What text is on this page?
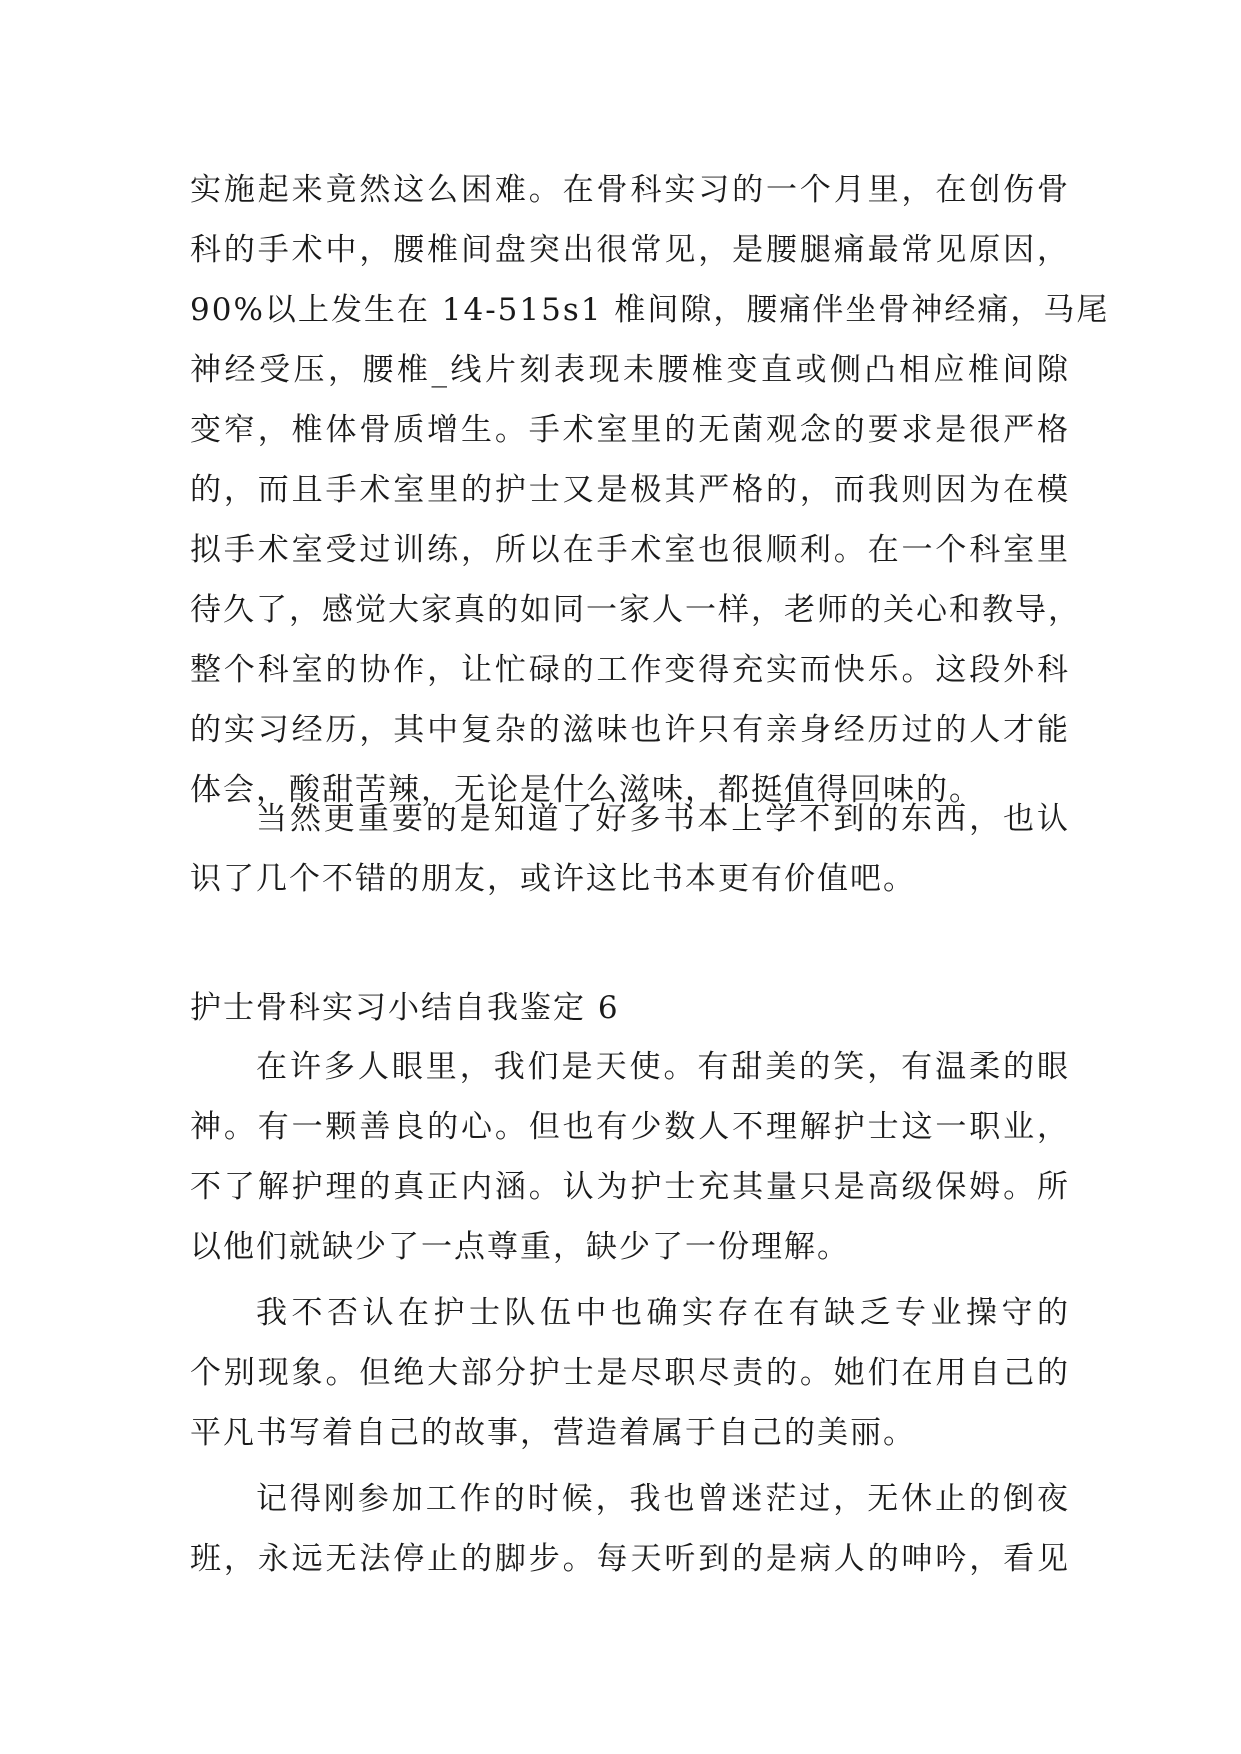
实施起来竟然这么困难。在骨科实习的一个月里，在创伤骨
科的手术中，腰椎间盘突出很常见，是腰腿痛最常见原因，
90%以上发生在 14-515s1 椎间隙，腰痛伴坐骨神经痛，马尾
神经受压，腰椎_线片刻表现未腰椎变直或侧凸相应椎间隙
变窄，椎体骨质增生。手术室里的无菌观念的要求是很严格
的，而且手术室里的护士又是极其严格的，而我则因为在模
拟手术室受过训练，所以在手术室也很顺利。在一个科室里
待久了，感觉大家真的如同一家人一样，老师的关心和教导，
整个科室的协作，让忙碌的工作变得充实而快乐。这段外科
的实习经历，其中复杂的滋味也许只有亲身经历过的人才能
体会，酸甜苦辣，无论是什么滋味，都挺值得回味的。
当然更重要的是知道了好多书本上学不到的东西，也认
识了几个不错的朋友，或许这比书本更有价值吧。
护士骨科实习小结自我鉴定 6
在许多人眼里，我们是天使。有甜美的笑，有温柔的眼
神。有一颗善良的心。但也有少数人不理解护士这一职业，
不了解护理的真正内涵。认为护士充其量只是高级保姆。所
以他们就缺少了一点尊重，缺少了一份理解。
我不否认在护士队伍中也确实存在有缺乏专业操守的
个别现象。但绝大部分护士是尽职尽责的。她们在用自己的
平凡书写着自己的故事，营造着属于自己的美丽。
记得刚参加工作的时候，我也曾迷茫过，无休止的倒夜
班，永远无法停止的脚步。每天听到的是病人的呻吟，看见
